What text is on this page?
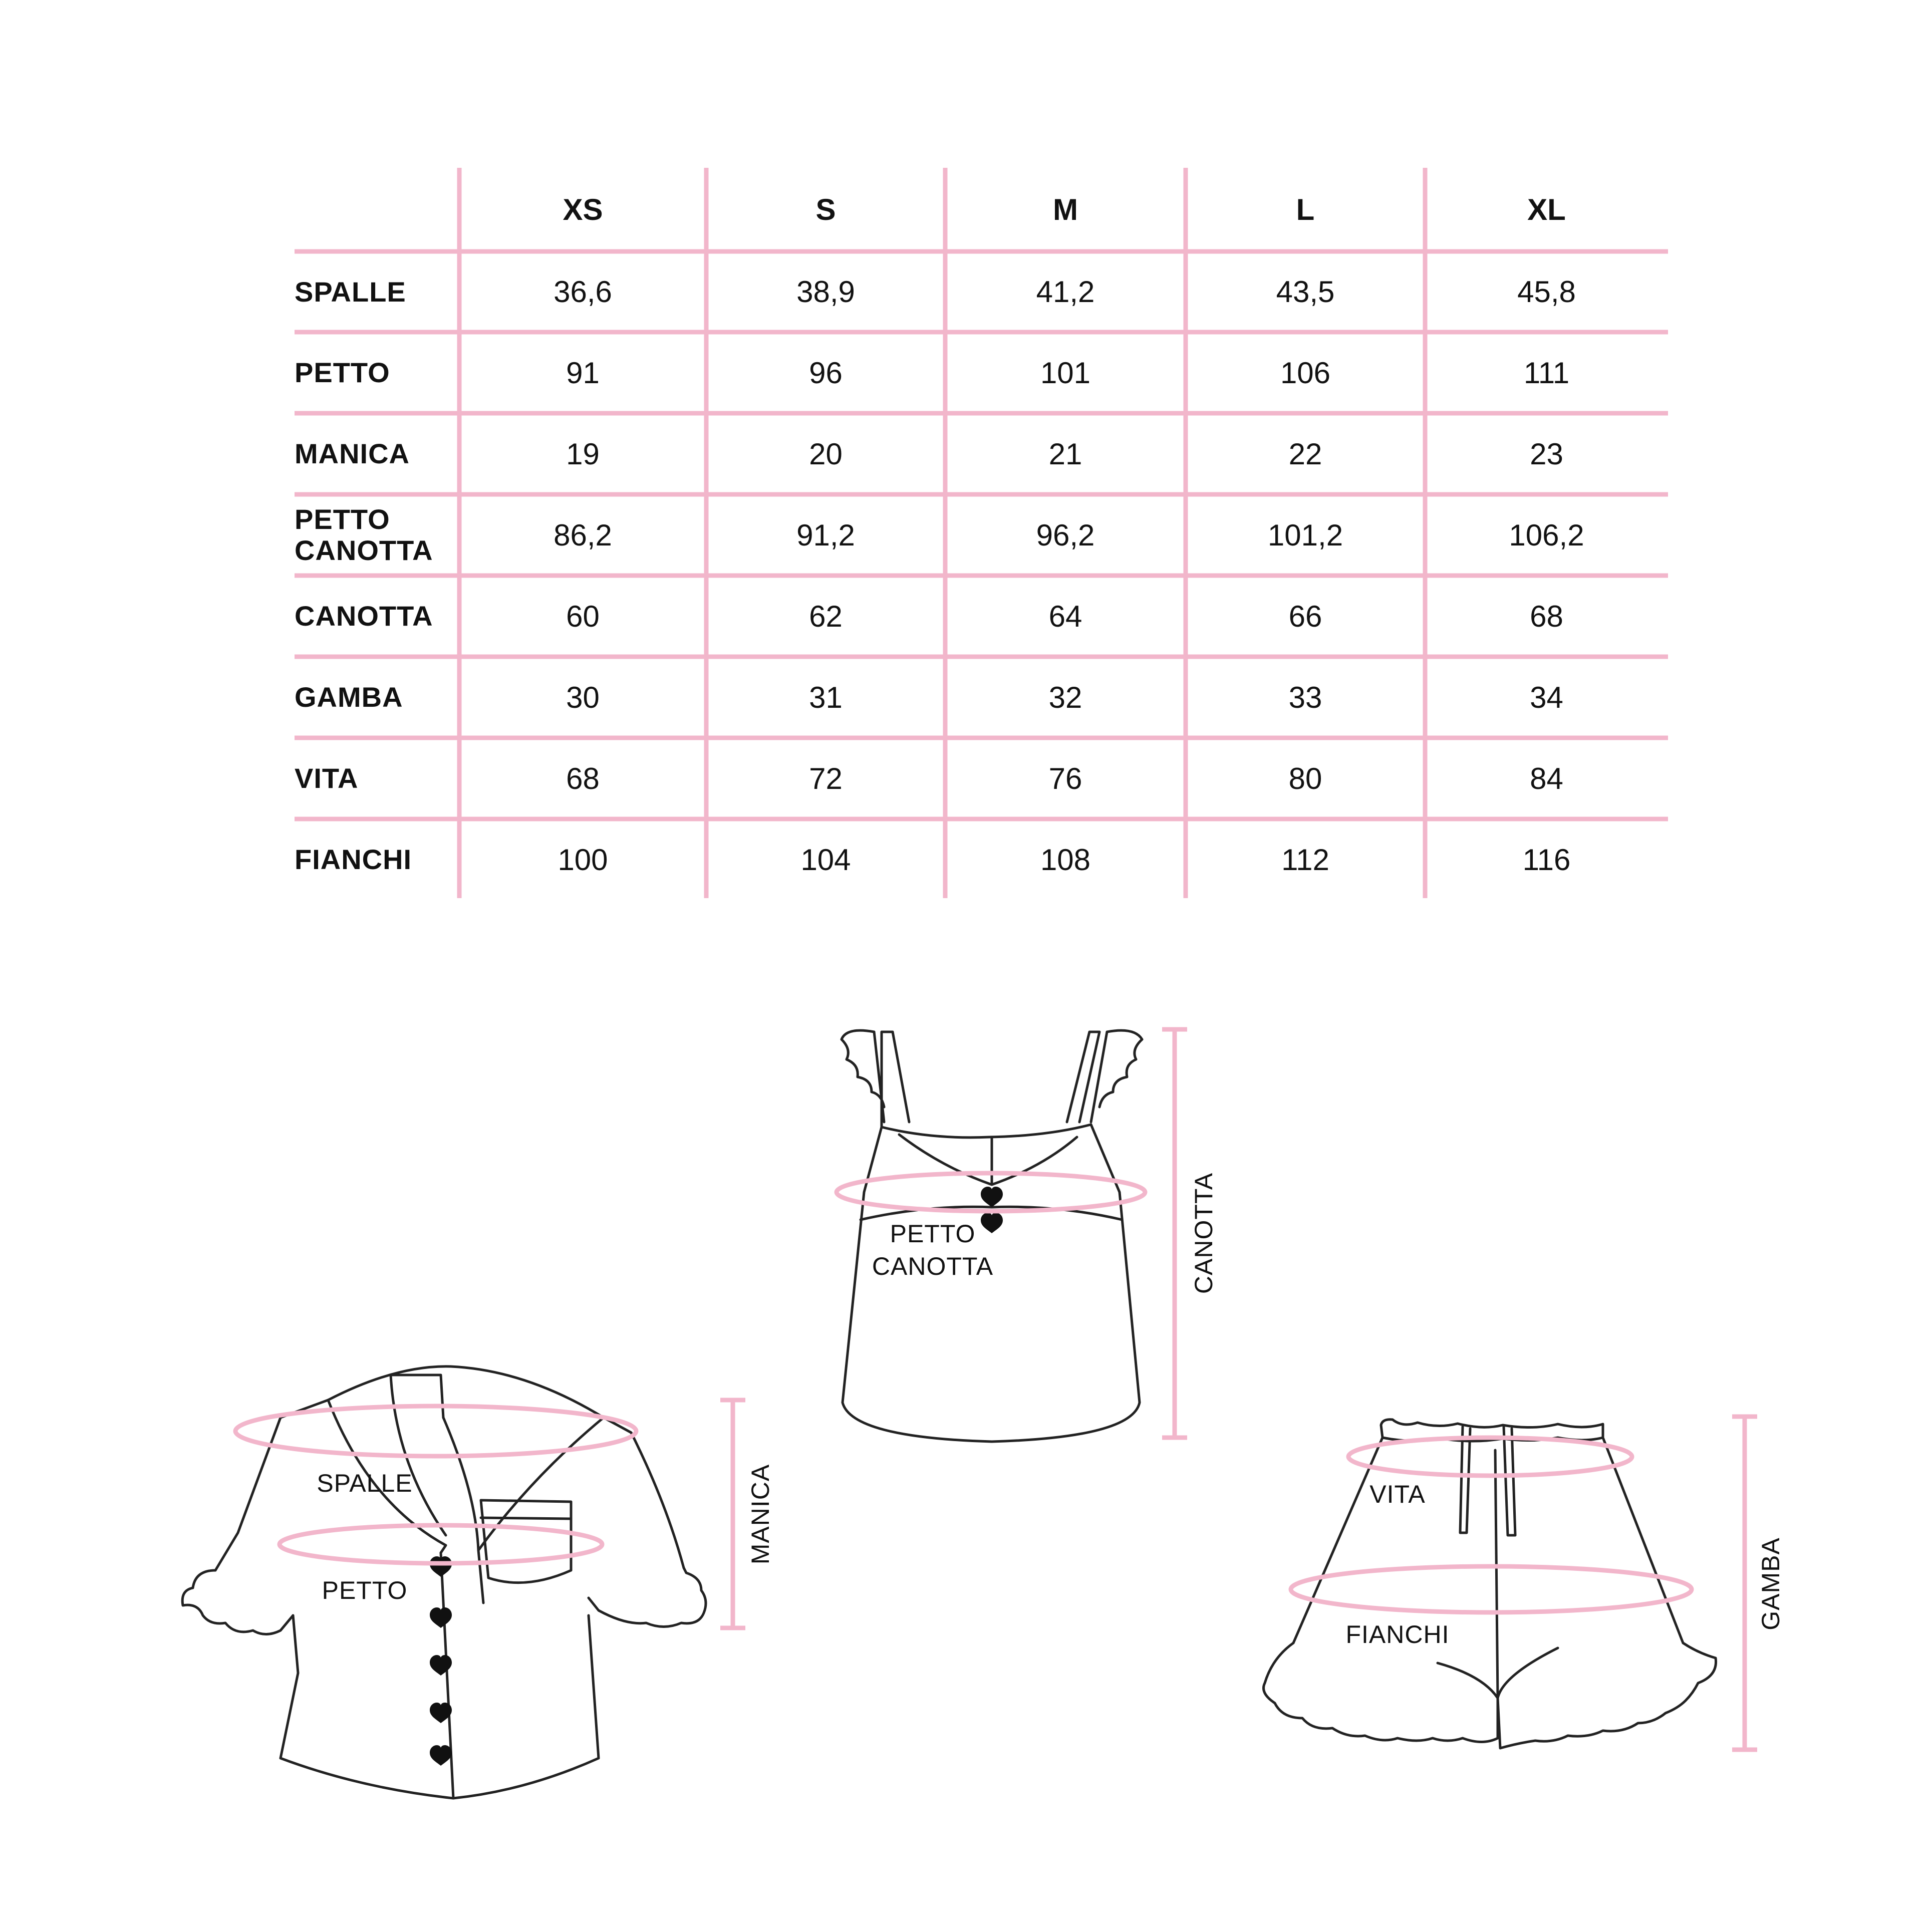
XS	S	M	L	XL
SPALLE	36,6	38,9	41,2	43,5	45,8
PETTO	91	96	101	106	111
MANICA	19	20	21	22	23
PETTO
CANOTTA	86,2	91,2	96,2	101,2	106,2
CANOTTA	60	62	64	66	68
GAMBA	30	31	32	33	34
VITA	68	72	76	80	84
FIANCHI	100	104	108	112	116
PETTO
CANOTTA	CANOTTA
SPALLE
PETTO
MANICA	VITA
FIANCHI
GAMBA
